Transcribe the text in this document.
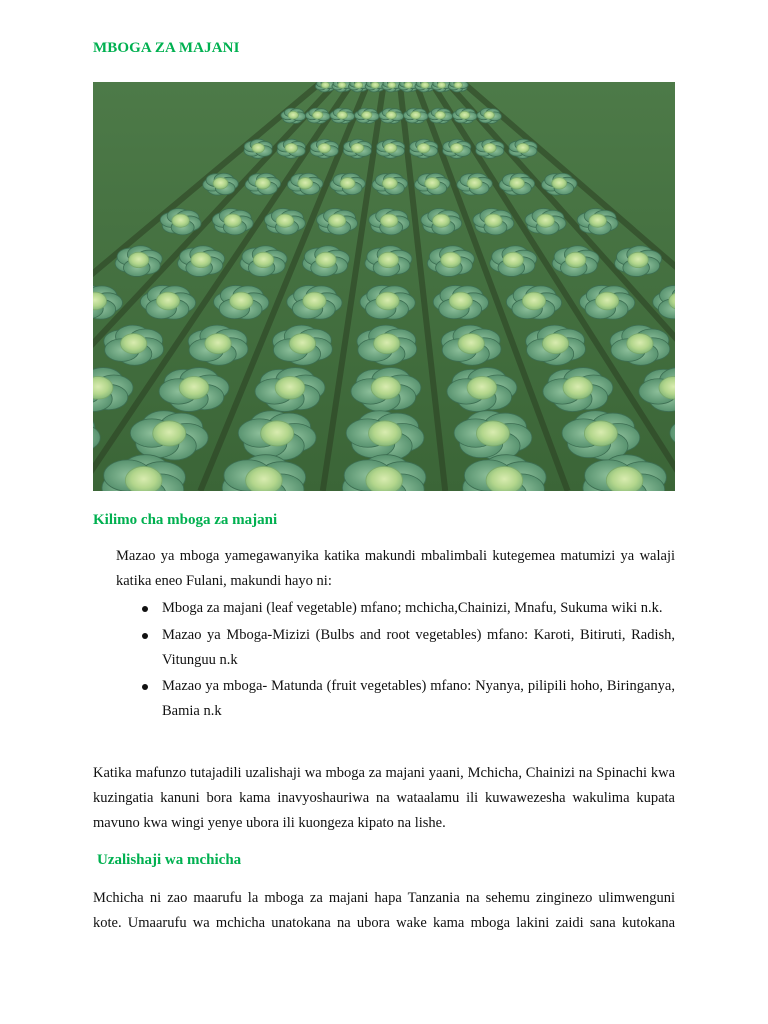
MBOGA ZA MAJANI
Kilimo cha mboga za majani
Mazao ya mboga yamegawanyika katika makundi mbalimbali kutegemea matumizi ya walaji katika eneo Fulani, makundi hayo ni:
Mboga za majani (leaf vegetable) mfano; mchicha,Chainizi, Mnafu, Sukuma wiki n.k.
Mazao ya Mboga-Mizizi (Bulbs and root vegetables) mfano: Karoti, Bitiruti, Radish, Vitunguu n.k
Mazao ya mboga- Matunda (fruit vegetables) mfano: Nyanya, pilipili hoho, Biringanya, Bamia n.k
Katika mafunzo tutajadili uzalishaji wa mboga za majani yaani, Mchicha, Chainizi na Spinachi kwa kuzingatia kanuni bora kama inavyoshauriwa na wataalamu ili kuwawezesha wakulima kupata mavuno kwa wingi yenye ubora ili kuongeza kipato na lishe.
Uzalishaji wa mchicha
Mchicha ni zao maarufu la mboga za majani hapa Tanzania na sehemu zinginezo ulimwenguni kote. Umaarufu wa mchicha unatokana na ubora wake kama mboga lakini zaidi sana kutokana
